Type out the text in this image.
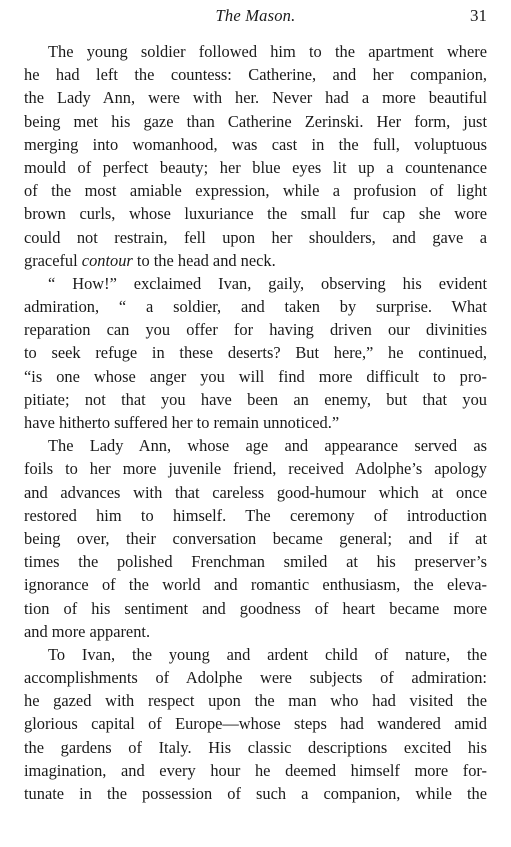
The Mason.	31
The young soldier followed him to the apartment where
he had left the countess: Catherine, and her companion,
the Lady Ann, were with her. Never had a more beautiful
being met his gaze than Catherine Zerinski. Her form, just
merging into womanhood, was cast in the full, voluptuous
mould of perfect beauty; her blue eyes lit up a countenance
of the most amiable expression, while a profusion of light
brown curls, whose luxuriance the small fur cap she wore
could not restrain, fell upon her shoulders, and gave a
graceful contour to the head and neck.
“ How!” exclaimed Ivan, gaily, observing his evident
admiration, “ a soldier, and taken by surprise. What
reparation can you offer for having driven our divinities
to seek refuge in these deserts? But here,” he continued,
“is one whose anger you will find more difficult to pro-
pitiate; not that you have been an enemy, but that you
have hitherto suffered her to remain unnoticed.”
The Lady Ann, whose age and appearance served as
foils to her more juvenile friend, received Adolphe’s apology
and advances with that careless good-humour which at once
restored him to himself. The ceremony of introduction
being over, their conversation became general; and if at
times the polished Frenchman smiled at his preserver’s
ignorance of the world and romantic enthusiasm, the eleva-
tion of his sentiment and goodness of heart became more
and more apparent.
To Ivan, the young and ardent child of nature, the
accomplishments of Adolphe were subjects of admiration:
he gazed with respect upon the man who had visited the
glorious capital of Europe—whose steps had wandered amid
the gardens of Italy. His classic descriptions excited his
imagination, and every hour he deemed himself more for-
tunate in the possession of such a companion, while the
